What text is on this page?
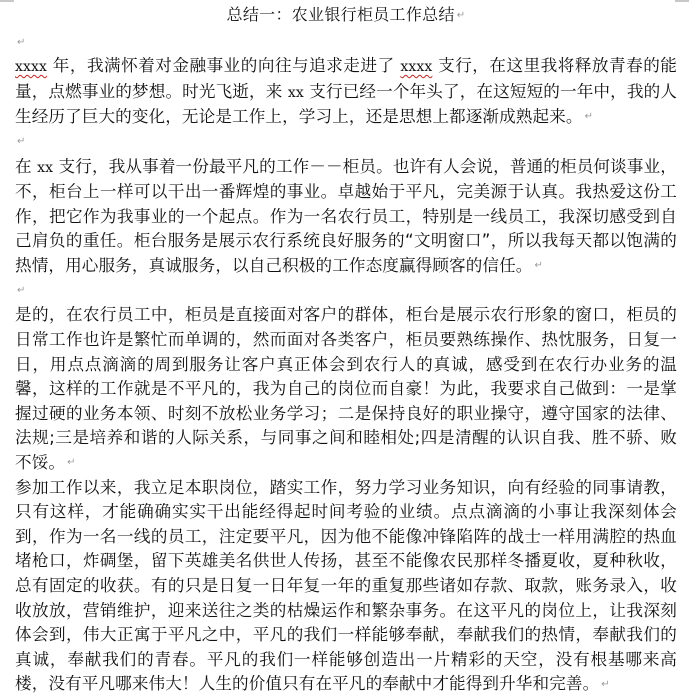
总结一：农业银行柜员工作总结 ↵
↵

xxxx 年，我满怀着对金融事业的向往与追求走进了 xxxx 支行，在这里我将释放青春的能量，点燃事业的梦想。时光飞逝，来 xx 支行已经一个年头了，在这短短的一年中，我的人生经历了巨大的变化，无论是工作上，学习上，还是思想上都逐渐成熟起来。 ↵

↵

在 xx 支行，我从事着一份最平凡的工作－－柜员。也许有人会说，普通的柜员何谈事业，不，柜台上一样可以干出一番辉煌的事业。卓越始于平凡，完美源于认真。我热爱这份工作，把它作为我事业的一个起点。作为一名农行员工，特别是一线员工，我深切感受到自己肩负的重任。柜台服务是展示农行系统良好服务的“文明窗口”，所以我每天都以饱满的热情，用心服务，真诚服务，以自己积极的工作态度赢得顾客的信任。 ↵

↵

是的，在农行员工中，柜员是直接面对客户的群体，柜台是展示农行形象的窗口，柜员的日常工作也许是繁忙而单调的，然而面对各类客户，柜员要熟练操作、热忱服务，日复一日，用点点滴滴的周到服务让客户真正体会到农行人的真诚，感受到在农行办业务的温馨，这样的工作就是不平凡的，我为自己的岗位而自豪！为此，我要求自己做到：一是掌握过硬的业务本领、时刻不放松业务学习；二是保持良好的职业操守，遵守国家的法律、法规;三是培养和谐的人际关系，与同事之间和睦相处;四是清醒的认识自我、胜不骄、败不馁。 ↵

参加工作以来，我立足本职岗位，踏实工作，努力学习业务知识，向有经验的同事请教，只有这样，才能确确实实干出能经得起时间考验的业绩。点点滴滴的小事让我深刻体会到，作为一名一线的员工，注定要平凡，因为他不能像冲锋陷阵的战士一样用满腔的热血堵枪口，炸碉堡，留下英雄美名供世人传扬，甚至不能像农民那样冬播夏收，夏种秋收，总有固定的收获。有的只是日复一日年复一年的重复那些诸如存款、取款，账务录入，收收放放，营销维护，迎来送往之类的枯燥运作和繁杂事务。在这平凡的岗位上，让我深刻体会到，伟大正寓于平凡之中，平凡的我们一样能够奉献，奉献我们的热情，奉献我们的真诚，奉献我们的青春。平凡的我们一样能够创造出一片精彩的天空，没有根基哪来高楼，没有平凡哪来伟大！人生的价值只有在平凡的奉献中才能得到升华和完善。 ↵
